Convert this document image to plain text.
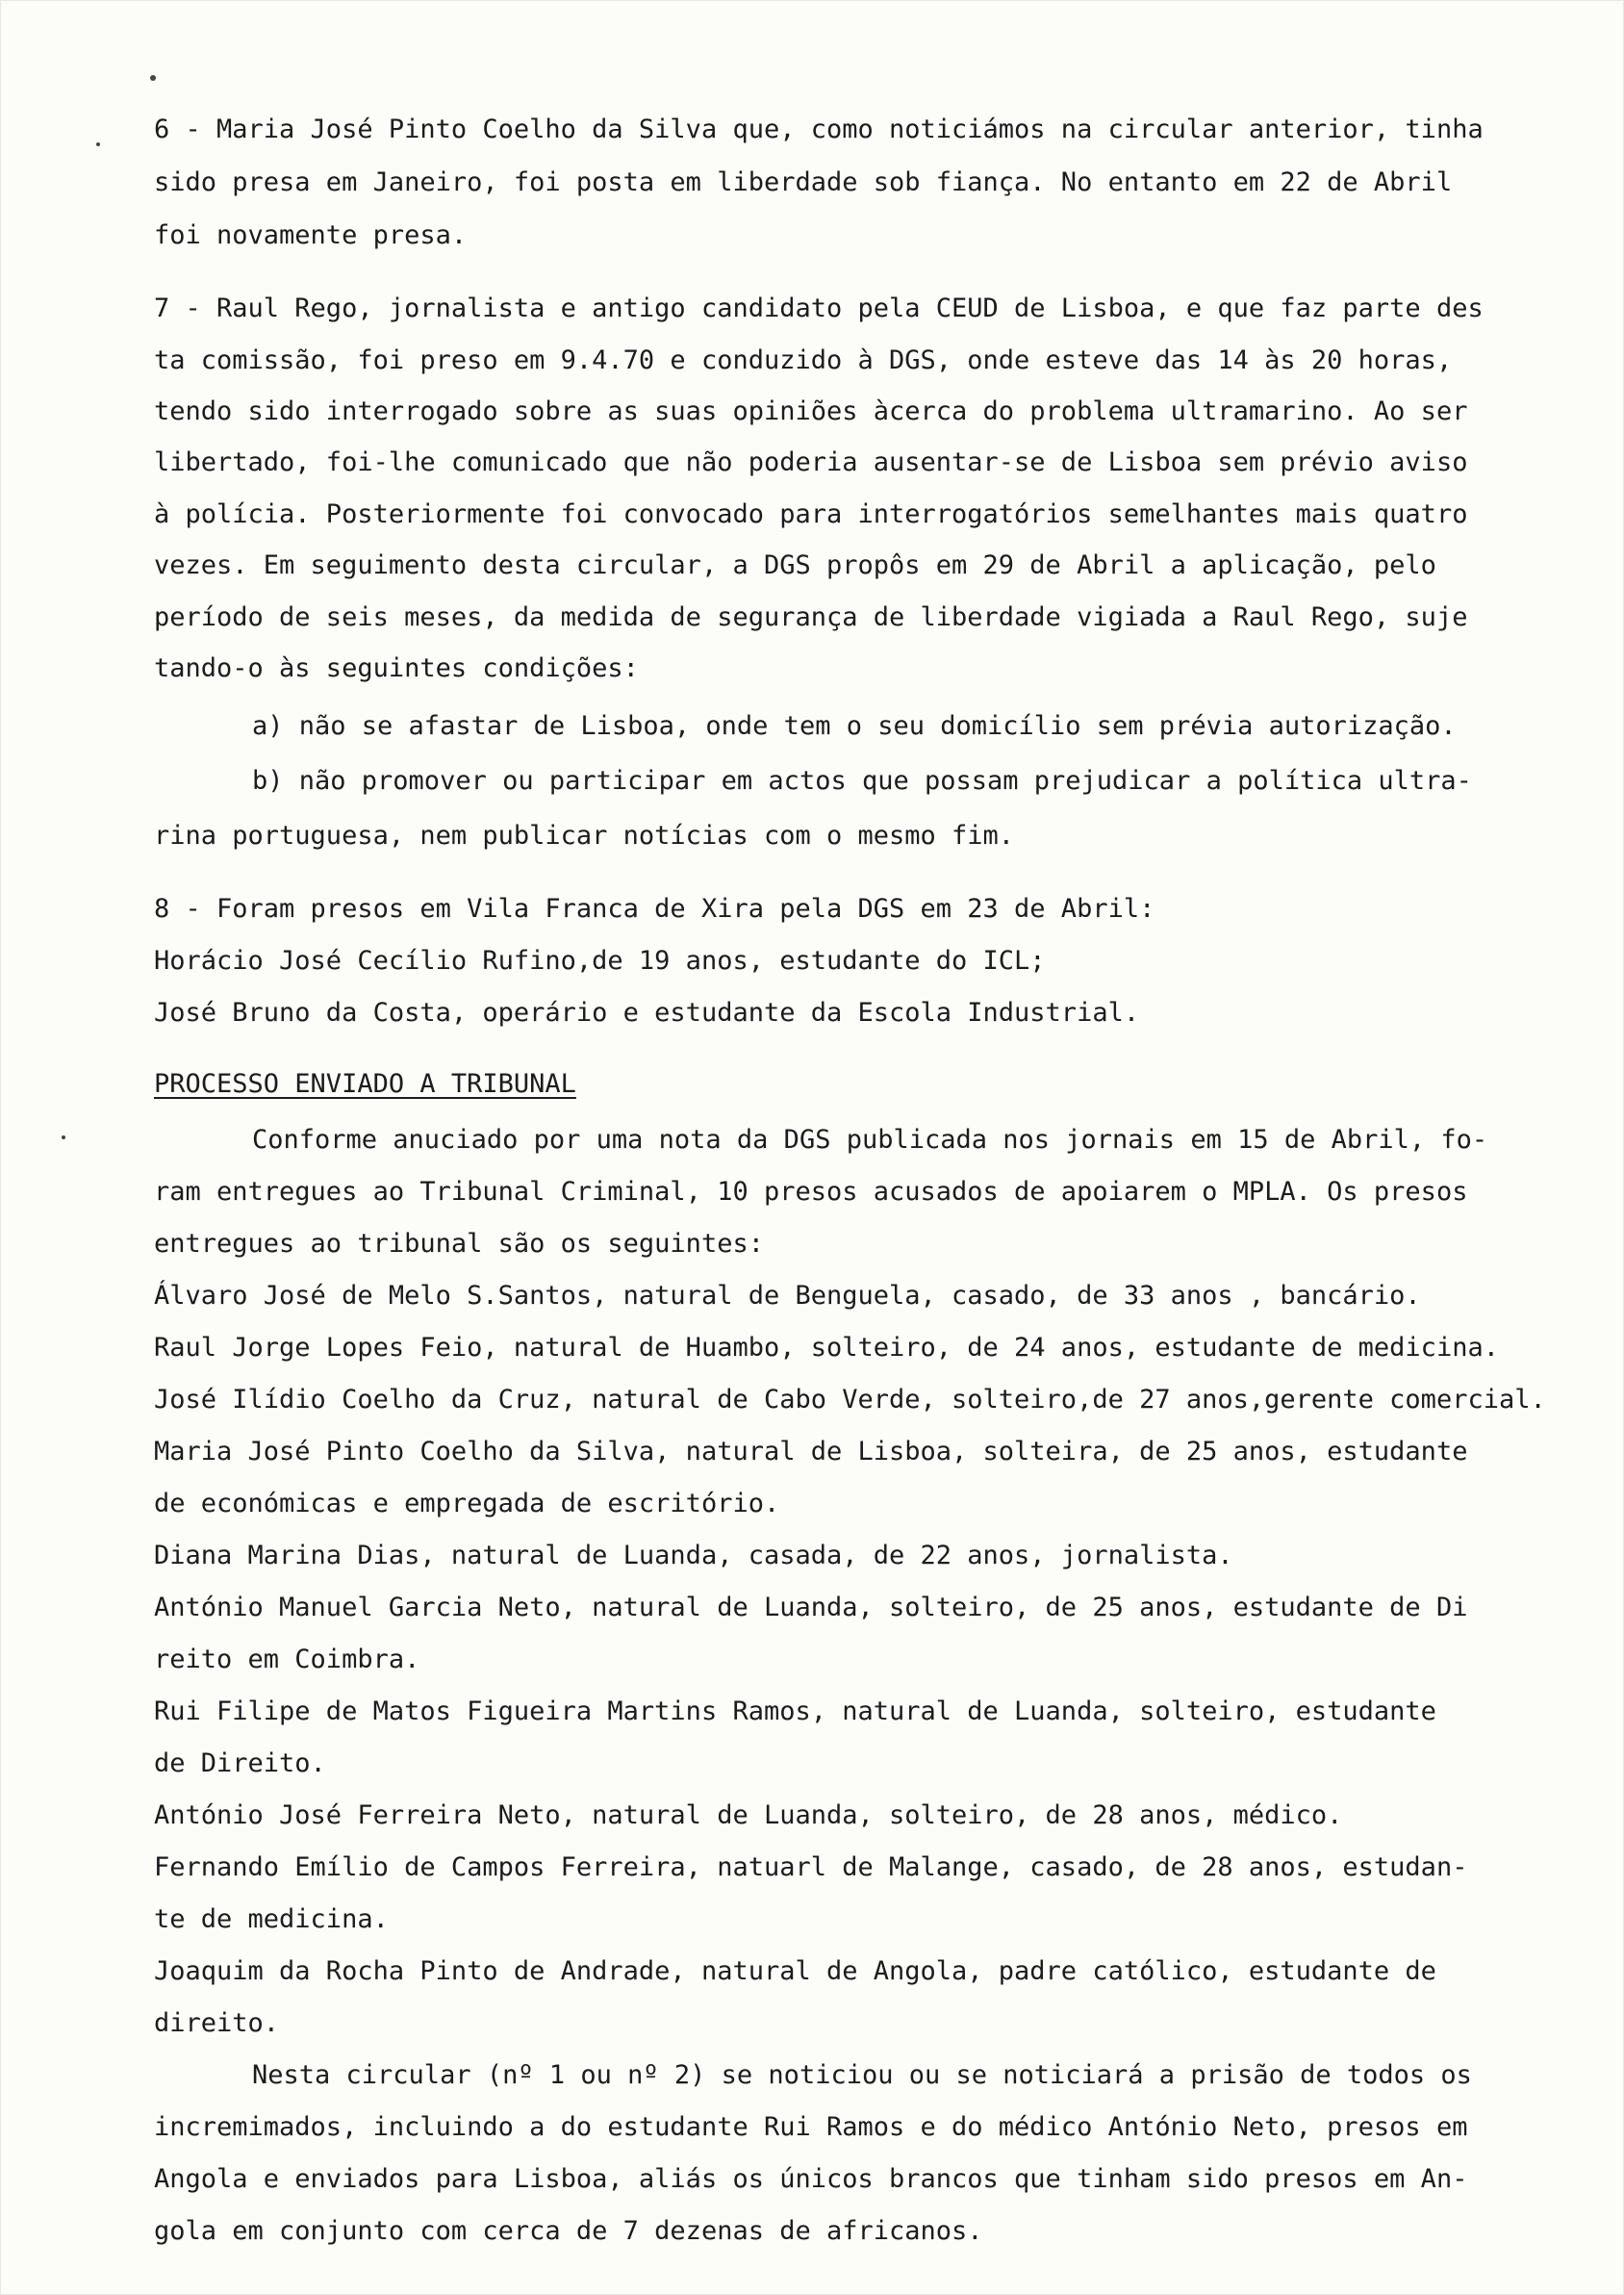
6 - Maria José Pinto Coelho da Silva que, como noticiámos na circular anterior, tinha
sido presa em Janeiro, foi posta em liberdade sob fiança. No entanto em 22 de Abril
foi novamente presa.
7 - Raul Rego, jornalista e antigo candidato pela CEUD de Lisboa, e que faz parte des
ta comissão, foi preso em 9.4.70 e conduzido à DGS, onde esteve das 14 às 20 horas,
tendo sido interrogado sobre as suas opiniões àcerca do problema ultramarino. Ao ser
libertado, foi-lhe comunicado que não poderia ausentar-se de Lisboa sem prévio aviso
à polícia. Posteriormente foi convocado para interrogatórios semelhantes mais quatro
vezes. Em seguimento desta circular, a DGS propôs em 29 de Abril a aplicação, pelo
período de seis meses, da medida de segurança de liberdade vigiada a Raul Rego, suje
tando-o às seguintes condições:
a) não se afastar de Lisboa, onde tem o seu domicílio sem prévia autorização.
b) não promover ou participar em actos que possam prejudicar a política ultra-
rina portuguesa, nem publicar notícias com o mesmo fim.
8 - Foram presos em Vila Franca de Xira pela DGS em 23 de Abril:
Horácio José Cecílio Rufino,de 19 anos, estudante do ICL;
José Bruno da Costa, operário e estudante da Escola Industrial.
PROCESSO ENVIADO A TRIBUNAL
Conforme anuciado por uma nota da DGS publicada nos jornais em 15 de Abril, fo-
ram entregues ao Tribunal Criminal, 10 presos acusados de apoiarem o MPLA. Os presos
entregues ao tribunal são os seguintes:
Álvaro José de Melo S.Santos, natural de Benguela, casado, de 33 anos , bancário.
Raul Jorge Lopes Feio, natural de Huambo, solteiro, de 24 anos, estudante de medicina.
José Ilídio Coelho da Cruz, natural de Cabo Verde, solteiro,de 27 anos,gerente comercial.
Maria José Pinto Coelho da Silva, natural de Lisboa, solteira, de 25 anos, estudante
de económicas e empregada de escritório.
Diana Marina Dias, natural de Luanda, casada, de 22 anos, jornalista.
António Manuel Garcia Neto, natural de Luanda, solteiro, de 25 anos, estudante de Di
reito em Coimbra.
Rui Filipe de Matos Figueira Martins Ramos, natural de Luanda, solteiro, estudante
de Direito.
António José Ferreira Neto, natural de Luanda, solteiro, de 28 anos, médico.
Fernando Emílio de Campos Ferreira, natuarl de Malange, casado, de 28 anos, estudan-
te de medicina.
Joaquim da Rocha Pinto de Andrade, natural de Angola, padre católico, estudante de
direito.
Nesta circular (nº 1 ou nº 2) se noticiou ou se noticiará a prisão de todos os
incremimados, incluindo a do estudante Rui Ramos e do médico António Neto, presos em
Angola e enviados para Lisboa, aliás os únicos brancos que tinham sido presos em An-
gola em conjunto com cerca de 7 dezenas de africanos.
